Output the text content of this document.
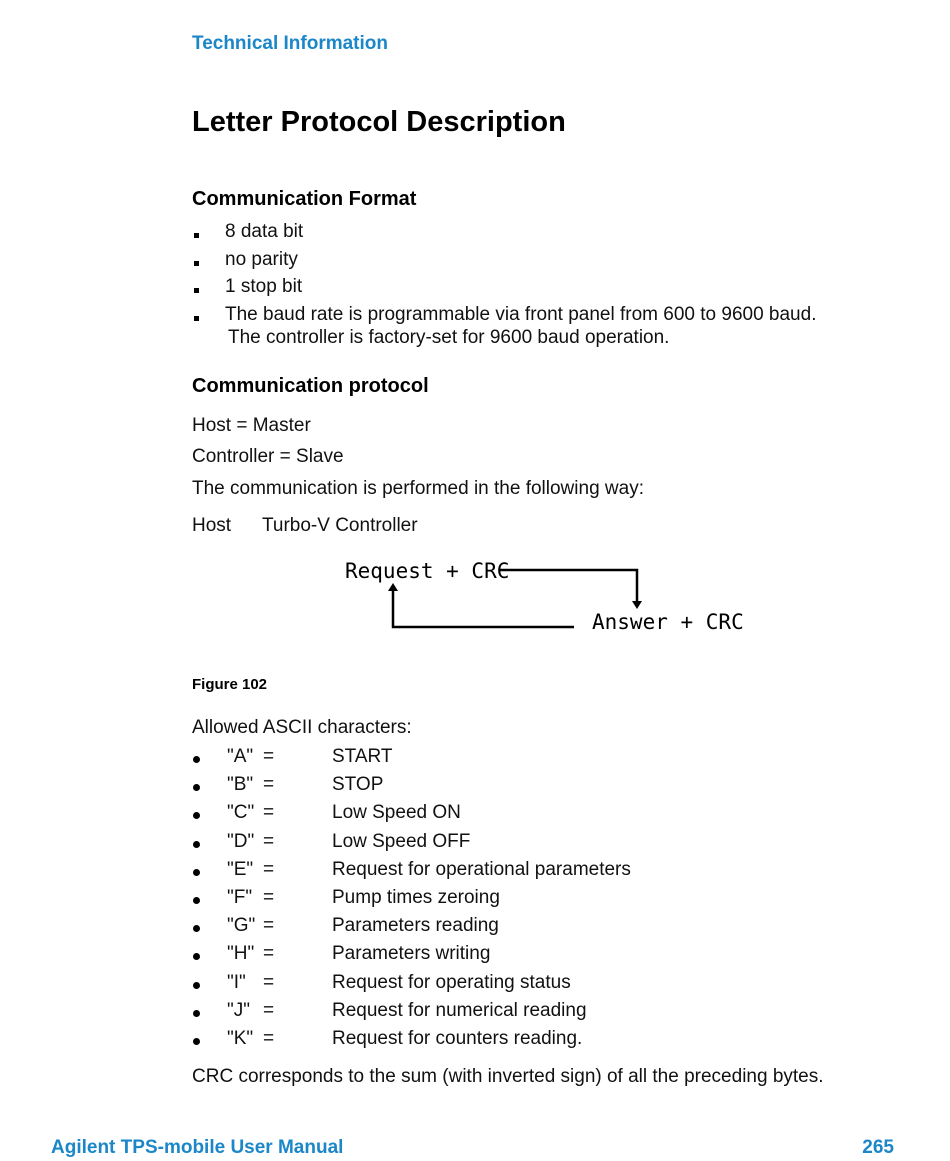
Technical Information
Letter Protocol Description
Communication Format
8 data bit
no parity
1 stop bit
The baud rate is programmable via front panel from 600 to 9600 baud.
The controller is factory-set for 9600 baud operation.
Communication protocol
Host = Master
Controller = Slave
The communication is performed in the following way:
Host Turbo-V Controller
Request + CRC
Answer + CRC
Figure 102
Allowed ASCII characters:
"A" =	START
"B" =	STOP
"C" =	Low Speed ON
"D" =	Low Speed OFF
"E" =	Request for operational parameters
"F" =	Pump times zeroing
"G" =	Parameters reading
"H" =	Parameters writing
"I" =	Request for operating status
"J" =	Request for numerical reading
"K" =	Request for counters reading.
CRC corresponds to the sum (with inverted sign) of all the preceding bytes.
Agilent TPS-mobile User Manual	265
